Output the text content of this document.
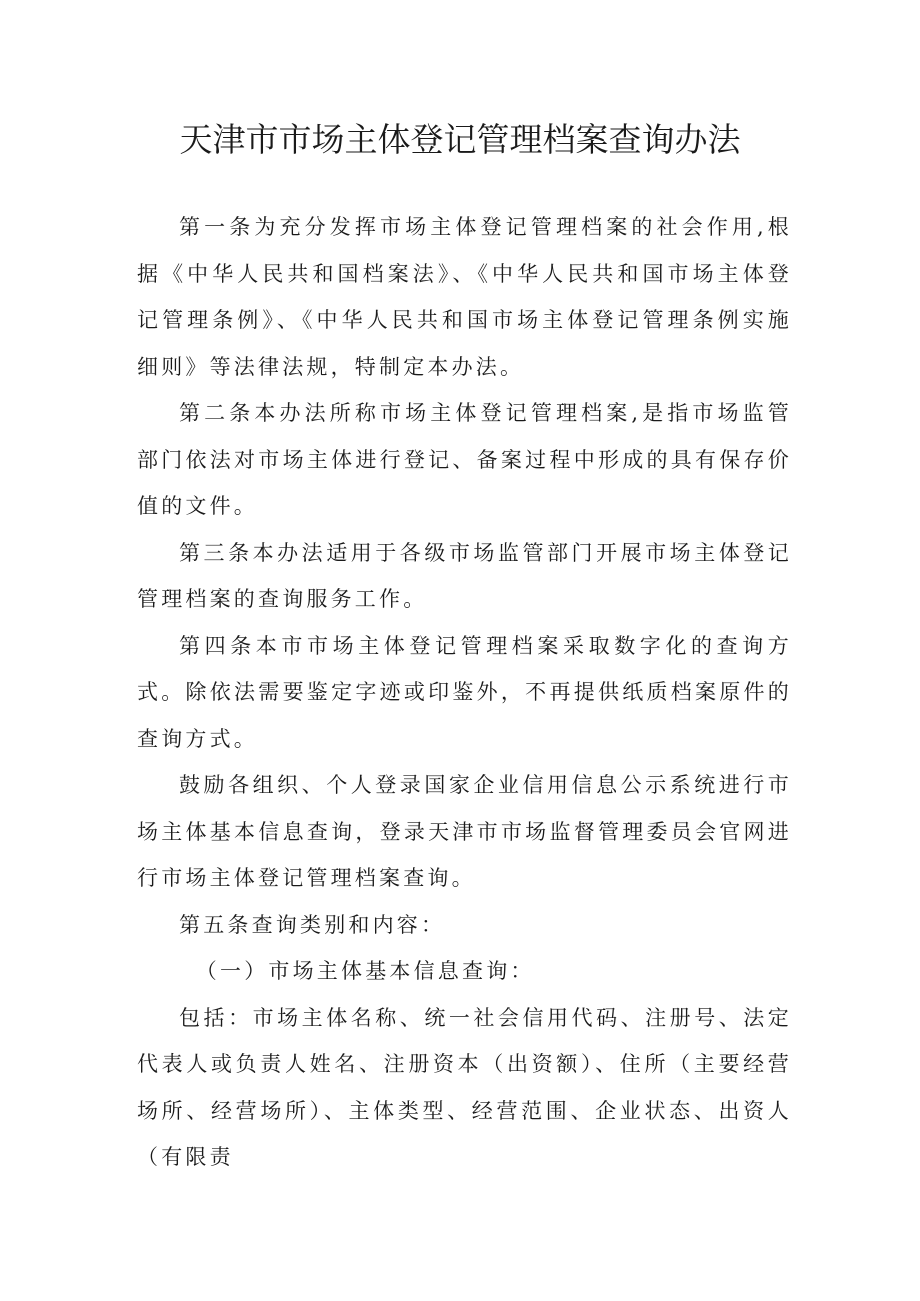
天津市市场主体登记管理档案查询办法

第一条为充分发挥市场主体登记管理档案的社会作用,根据《中华人民共和国档案法》、《中华人民共和国市场主体登记管理条例》、《中华人民共和国市场主体登记管理条例实施细则》等法律法规，特制定本办法。

第二条本办法所称市场主体登记管理档案,是指市场监管部门依法对市场主体进行登记、备案过程中形成的具有保存价值的文件。

第三条本办法适用于各级市场监管部门开展市场主体登记管理档案的查询服务工作。

第四条本市市场主体登记管理档案采取数字化的查询方式。除依法需要鉴定字迹或印鉴外，不再提供纸质档案原件的查询方式。

鼓励各组织、个人登录国家企业信用信息公示系统进行市场主体基本信息查询，登录天津市市场监督管理委员会官网进行市场主体登记管理档案查询。

第五条查询类别和内容：

（一）市场主体基本信息查询：

包括：市场主体名称、统一社会信用代码、注册号、法定代表人或负责人姓名、注册资本（出资额）、住所（主要经营场所、经营场所）、主体类型、经营范围、企业状态、出资人（有限责
